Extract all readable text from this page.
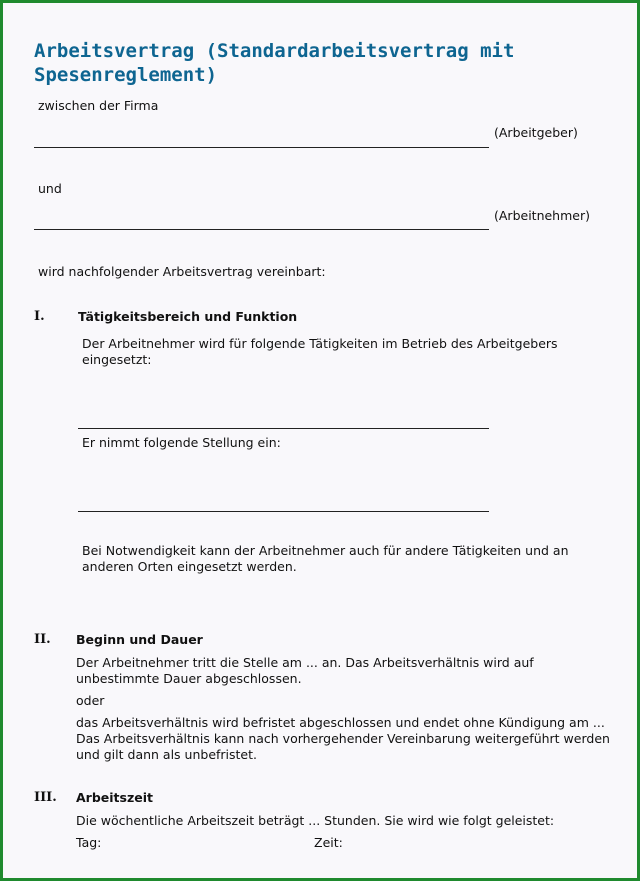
Arbeitsvertrag (Standardarbeitsvertrag mit Spesenreglement)
zwischen der Firma
(Arbeitgeber)
und
(Arbeitnehmer)
wird nachfolgender Arbeitsvertrag vereinbart:
I.	Tätigkeitsbereich und Funktion
Der Arbeitnehmer wird für folgende Tätigkeiten im Betrieb des Arbeitgebers eingesetzt:
Er nimmt folgende Stellung ein:
Bei Notwendigkeit kann der Arbeitnehmer auch für andere Tätigkeiten und an anderen Orten eingesetzt werden.
II. Beginn und Dauer
Der Arbeitnehmer tritt die Stelle am ... an. Das Arbeitsverhältnis wird auf unbestimmte Dauer abgeschlossen.
oder
das Arbeitsverhältnis wird befristet abgeschlossen und endet ohne Kündigung am ... Das Arbeitsverhältnis kann nach vorhergehender Vereinbarung weitergeführt werden und gilt dann als unbefristet.
III. Arbeitszeit
Die wöchentliche Arbeitszeit beträgt ... Stunden. Sie wird wie folgt geleistet:
Tag:	Zeit:
